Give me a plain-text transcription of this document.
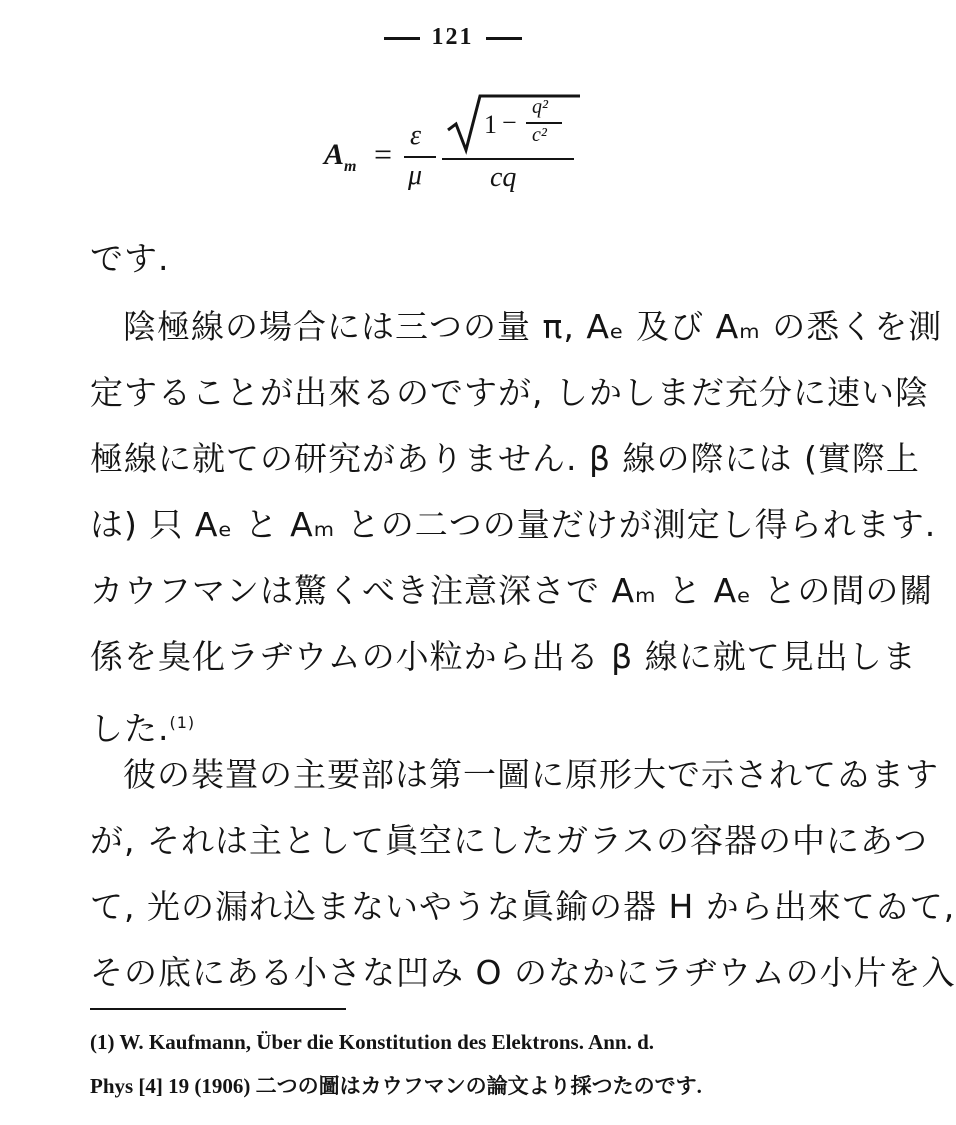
121
$A_m$ =
ε
μ
1 −
q²
c²
cq
です.
陰極線の場合には三つの量 π, Aₑ 及び Aₘ の悉くを測
定することが出來るのですが, しかしまだ充分に速い陰
極線に就ての研究がありません. β 線の際には (實際上
は) 只 Aₑ と Aₘ との二つの量だけが測定し得られます.
カウフマンは驚くべき注意深さで Aₘ と Aₑ との間の關
係を臭化ラヂウムの小粒から出る β 線に就て見出しま
した.$^{(1)}$
彼の裝置の主要部は第一圖に原形大で示されてゐます
が, それは主として眞空にしたガラスの容器の中にあつ
て, 光の漏れ込まないやうな眞鍮の器 H から出來てゐて,
その底にある小さな凹み O のなかにラヂウムの小片を入
(1) W. Kaufmann, Über die Konstitution des Elektrons. Ann. d.
Phys [4] 19 (1906) 二つの圖はカウフマンの論文より採つたのです.
